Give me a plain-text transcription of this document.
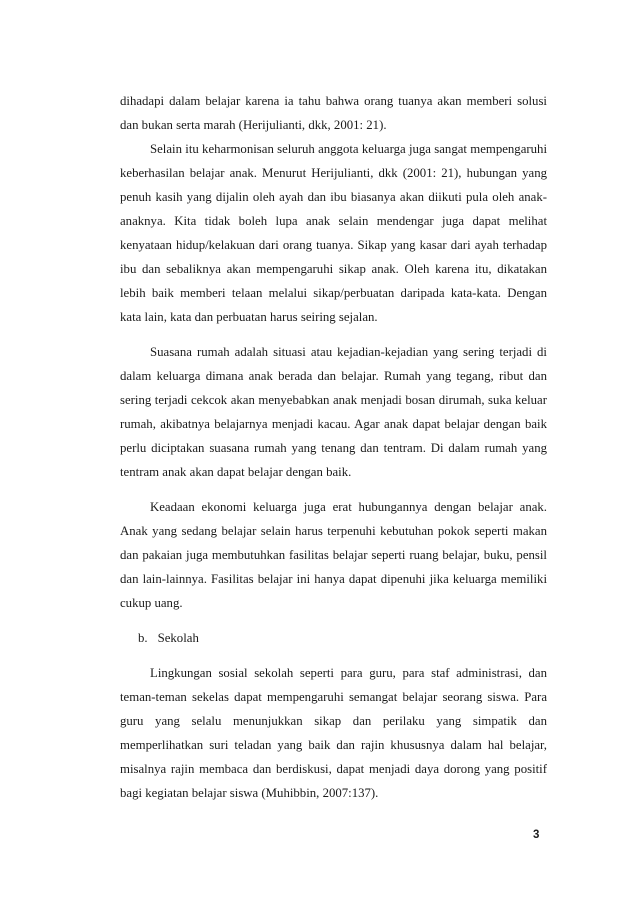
dihadapi dalam belajar karena ia tahu bahwa orang tuanya akan memberi solusi dan bukan serta marah (Herijulianti, dkk, 2001: 21).

Selain itu keharmonisan seluruh anggota keluarga juga sangat mempengaruhi keberhasilan belajar anak. Menurut Herijulianti, dkk (2001: 21), hubungan yang penuh kasih yang dijalin oleh ayah dan ibu biasanya akan diikuti pula oleh anak-anaknya. Kita tidak boleh lupa anak selain mendengar juga dapat melihat kenyataan hidup/kelakuan dari orang tuanya. Sikap yang kasar dari ayah terhadap ibu dan sebaliknya akan mempengaruhi sikap anak. Oleh karena itu, dikatakan lebih baik memberi telaan melalui sikap/perbuatan daripada kata-kata. Dengan kata lain, kata dan perbuatan harus seiring sejalan.

Suasana rumah adalah situasi atau kejadian-kejadian yang sering terjadi di dalam keluarga dimana anak berada dan belajar. Rumah yang tegang, ribut dan sering terjadi cekcok akan menyebabkan anak menjadi bosan dirumah, suka keluar rumah, akibatnya belajarnya menjadi kacau. Agar anak dapat belajar dengan baik perlu diciptakan suasana rumah yang tenang dan tentram. Di dalam rumah yang tentram anak akan dapat belajar dengan baik.

Keadaan ekonomi keluarga juga erat hubungannya dengan belajar anak. Anak yang sedang belajar selain harus terpenuhi kebutuhan pokok seperti makan dan pakaian juga membutuhkan fasilitas belajar seperti ruang belajar, buku, pensil dan lain-lainnya. Fasilitas belajar ini hanya dapat dipenuhi jika keluarga memiliki cukup uang.

b. Sekolah

Lingkungan sosial sekolah seperti para guru, para staf administrasi, dan teman-teman sekelas dapat mempengaruhi semangat belajar seorang siswa. Para guru yang selalu menunjukkan sikap dan perilaku yang simpatik dan memperlihatkan suri teladan yang baik dan rajin khususnya dalam hal belajar, misalnya rajin membaca dan berdiskusi, dapat menjadi daya dorong yang positif bagi kegiatan belajar siswa (Muhibbin, 2007:137).

3
